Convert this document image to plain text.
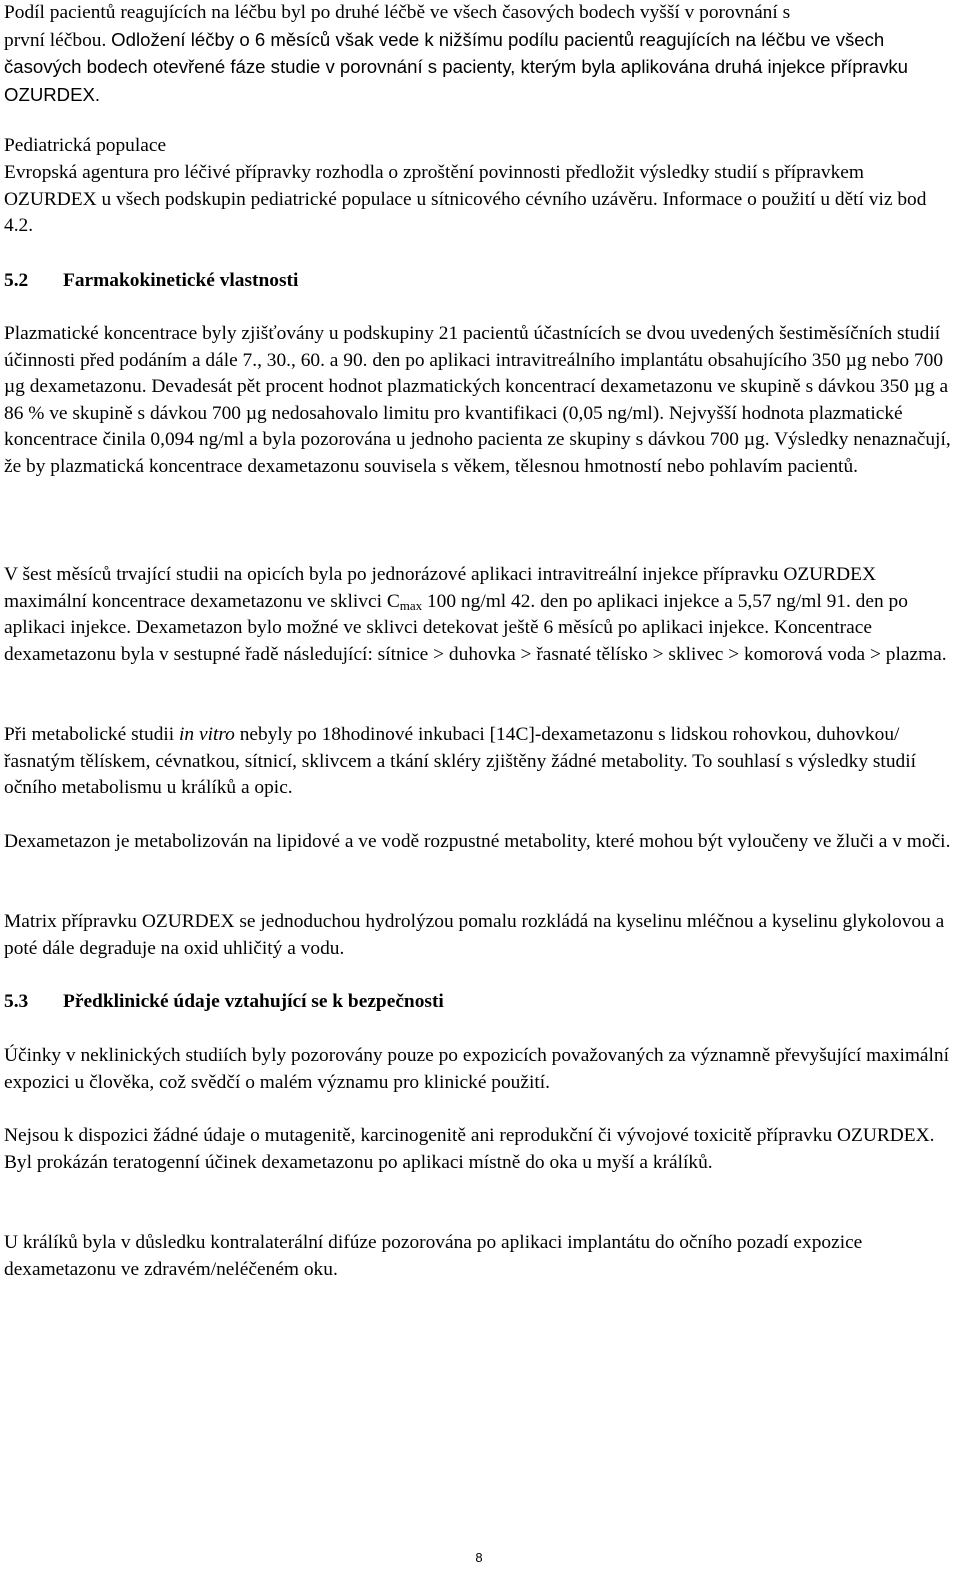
Podíl pacientů reagujících na léčbu byl po druhé léčbě ve všech časových bodech vyšší v porovnání s
první léčbou. Odložení léčby o 6 měsíců však vede k nižšímu podílu pacientů reagujících na léčbu ve všech časových bodech otevřené fáze studie v porovnání s pacienty, kterým byla aplikována druhá injekce přípravku OZURDEX.

Pediatrická populace

Evropská agentura pro léčivé přípravky rozhodla o zproštění povinnosti předložit výsledky studií s přípravkem OZURDEX u všech podskupin pediatrické populace u sítnicového cévního uzávěru. Informace o použití u dětí viz bod 4.2.

5.2 Farmakokinetické vlastnosti

Plazmatické koncentrace byly zjišťovány u podskupiny 21 pacientů účastnících se dvou uvedených šestiměsíčních studií účinnosti před podáním a dále 7., 30., 60. a 90. den po aplikaci intravitreálního implantátu obsahujícího 350 µg nebo 700 µg dexametazonu. Devadesát pět procent hodnot plazmatických koncentrací dexametazonu ve skupině s dávkou 350 µg a 86 % ve skupině s dávkou 700 µg nedosahovalo limitu pro kvantifikaci (0,05 ng/ml). Nejvyšší hodnota plazmatické koncentrace činila 0,094 ng/ml a byla pozorována u jednoho pacienta ze skupiny s dávkou 700 µg. Výsledky nenaznačují, že by plazmatická koncentrace dexametazonu souvisela s věkem, tělesnou hmotností nebo pohlavím pacientů.

V šest měsíců trvající studii na opicích byla po jednorázové aplikaci intravitreální injekce přípravku OZURDEX maximální koncentrace dexametazonu ve sklivci $C_{max}$ 100 ng/ml 42. den po aplikaci injekce a 5,57 ng/ml 91. den po aplikaci injekce. Dexametazon bylo možné ve sklivci detekovat ještě 6 měsíců po aplikaci injekce. Koncentrace dexametazonu byla v sestupné řadě následující: sítnice > duhovka > řasnaté tělísko > sklivec > komorová voda > plazma.

Při metabolické studii in vitro nebyly po 18hodinové inkubaci [14C]-dexametazonu s lidskou rohovkou, duhovkou/řasnatým tělískem, cévnatkou, sítnicí, sklivcem a tkání skléry zjištěny žádné metabolity. To souhlasí s výsledky studií očního metabolismu u králíků a opic.

Dexametazon je metabolizován na lipidové a ve vodě rozpustné metabolity, které mohou být vyloučeny ve žluči a v moči.

Matrix přípravku OZURDEX se jednoduchou hydrolýzou pomalu rozkládá na kyselinu mléčnou a kyselinu glykolovou a poté dále degraduje na oxid uhličitý a vodu.

5.3 Předklinické údaje vztahující se k bezpečnosti

Účinky v neklinických studiích byly pozorovány pouze po expozicích považovaných za významně převyšující maximální expozici u člověka, což svědčí o malém významu pro klinické použití.

Nejsou k dispozici žádné údaje o mutagenitě, karcinogenitě ani reprodukční či vývojové toxicitě přípravku OZURDEX. Byl prokázán teratogenní účinek dexametazonu po aplikaci místně do oka u myší a králíků.

U králíků byla v důsledku kontralaterální difúze pozorována po aplikaci implantátu do očního pozadí expozice dexametazonu ve zdravém/neléčeném oku.

8
